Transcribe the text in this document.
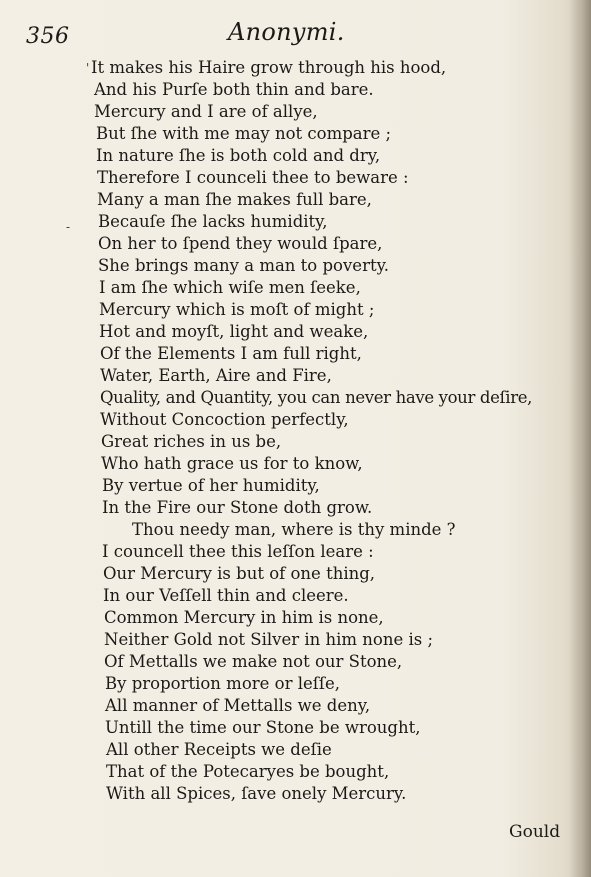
356	Anonymi.
'
-
It makes his Haire grow through his hood,
And his Purſe both thin and bare.
Mercury and I are of allye,
But ſhe with me may not compare ;
In nature ſhe is both cold and dry,
Therefore I counceli thee to beware :
Many a man ſhe makes full bare,
Becauſe ſhe lacks humidity,
On her to ſpend they would ſpare,
She brings many a man to poverty.
I am ſhe which wiſe men ſeeke,
Mercury which is moſt of might ;
Hot and moyſt, light and weake,
Of the Elements I am full right,
Water, Earth, Aire and Fire,
Quality, and Quantity, you can never have your deſire,
Without Concoction perfectly,
Great riches in us be,
Who hath grace us for to know,
By vertue of her humidity,
In the Fire our Stone doth grow.
Thou needy man, where is thy minde ?
I councell thee this leſſon leare :
Our Mercury is but of one thing,
In our Veſſell thin and cleere.
Common Mercury in him is none,
Neither Gold not Silver in him none is ;
Of Mettalls we make not our Stone,
By proportion more or leſſe,
All manner of Mettalls we deny,
Untill the time our Stone be wrought,
All other Receipts we deſie
That of the Potecaryes be bought,
With all Spices, ſave onely Mercury.
Gould
